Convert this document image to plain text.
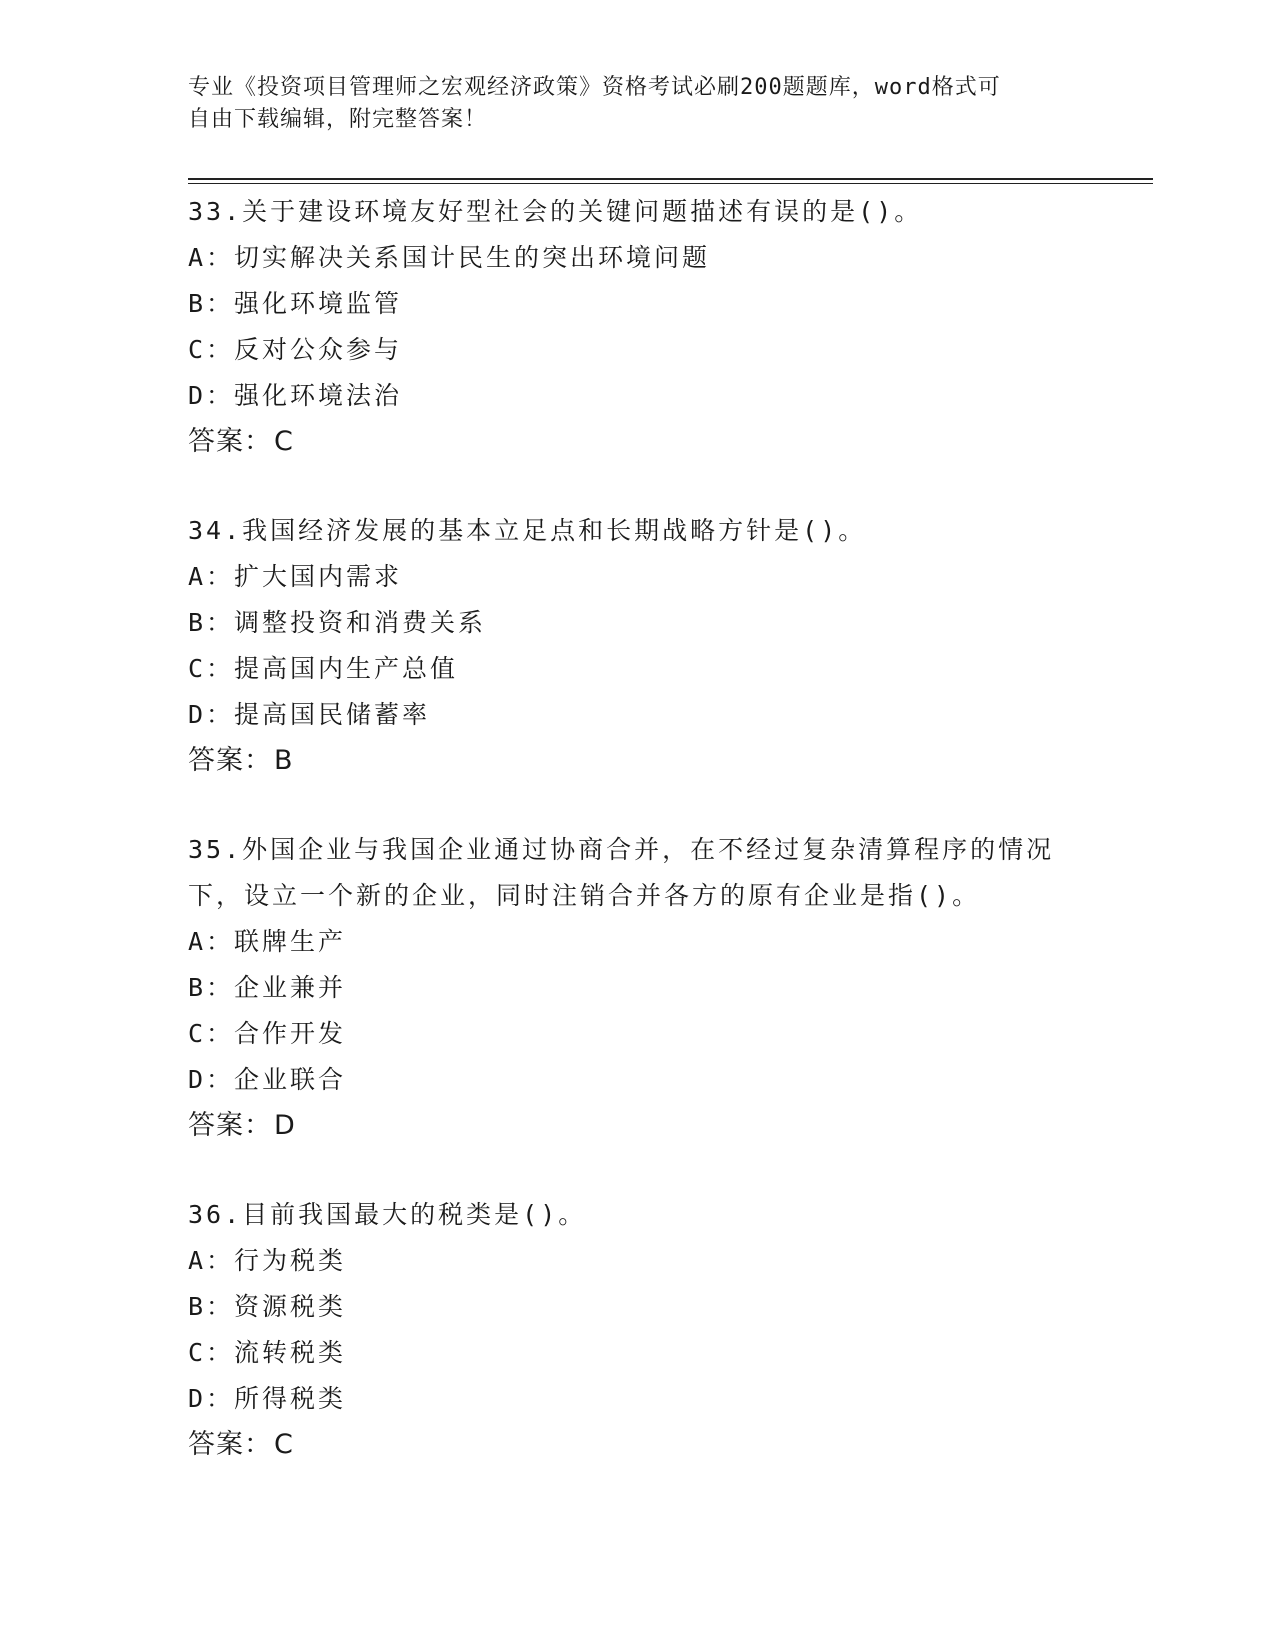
专业《投资项目管理师之宏观经济政策》资格考试必刷200题题库，word格式可
自由下载编辑，附完整答案！

33.关于建设环境友好型社会的关键问题描述有误的是()。

A：切实解决关系国计民生的突出环境问题

B：强化环境监管

C：反对公众参与

D：强化环境法治

答案：C

34.我国经济发展的基本立足点和长期战略方针是()。

A：扩大国内需求

B：调整投资和消费关系

C：提高国内生产总值

D：提高国民储蓄率

答案：B

35.外国企业与我国企业通过协商合并，在不经过复杂清算程序的情况

下，设立一个新的企业，同时注销合并各方的原有企业是指()。

A：联牌生产

B：企业兼并

C：合作开发

D：企业联合

答案：D

36.目前我国最大的税类是()。

A：行为税类

B：资源税类

C：流转税类

D：所得税类

答案：C
